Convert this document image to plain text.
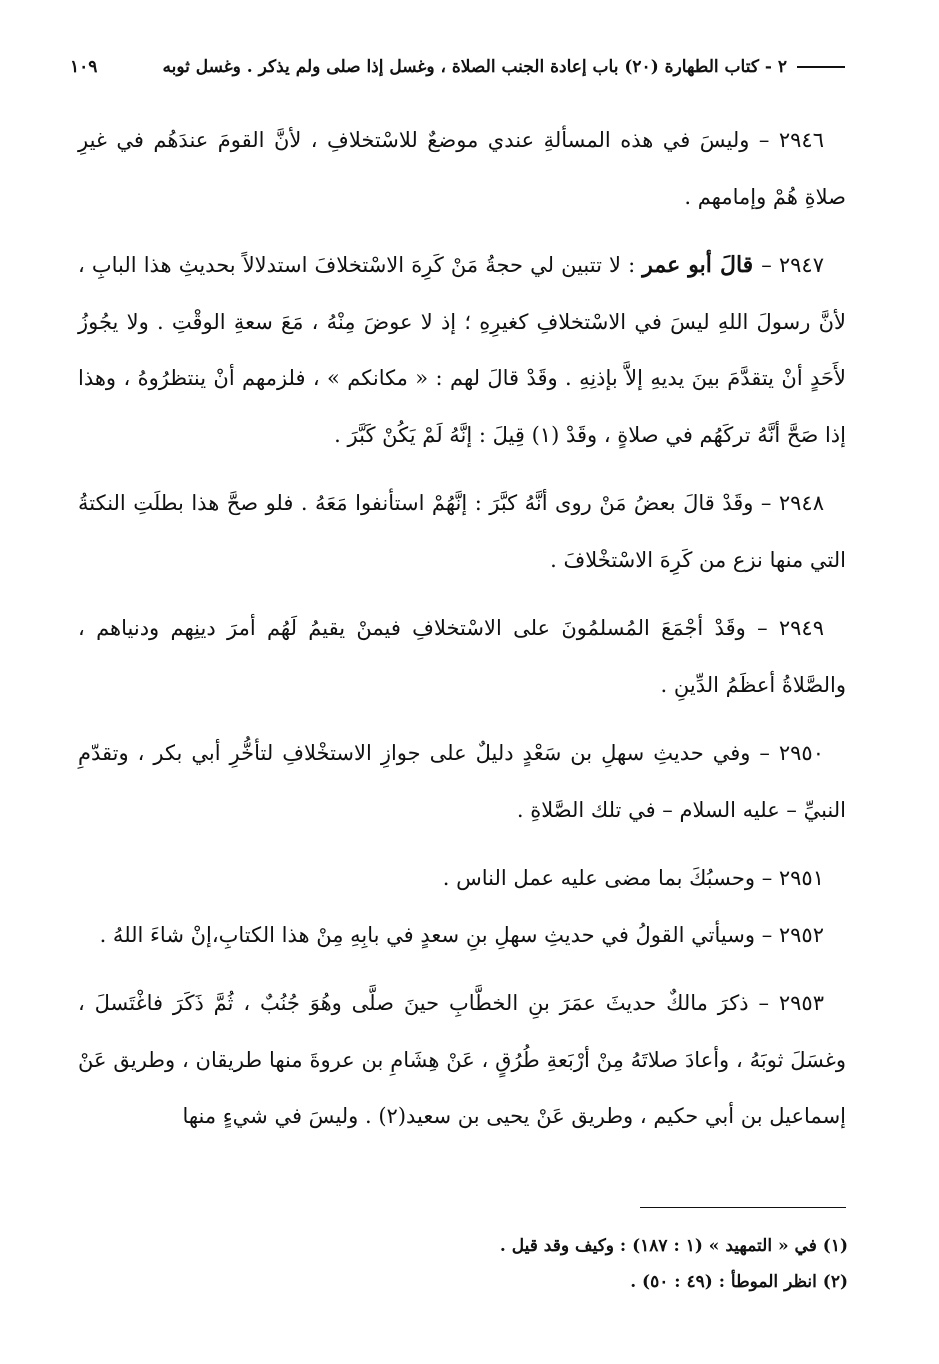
٢ - كتاب الطهارة (٢٠) باب إعادة الجنب الصلاة ، وغسل إذا صلى ولم يذكر . وغسل ثوبه
١٠٩

٢٩٤٦ – وليسَ في هذه المسألةِ عندي موضعٌ للاسْتخلافِ ، لأنَّ القومَ عندَهُم في غيرِ صلاةِ هُمْ وإمامهم .

٢٩٤٧ – قالَ أبو عمر : لا تتبين لي حجةُ مَنْ كَرِهَ الاسْتخلافَ استدلالاً بحديثِ هذا البابِ ، لأنَّ رسولَ اللهِ ليسَ في الاسْتخلافِ كغيرِهِ ؛ إذ لا عوضَ مِنْهُ ، مَعَ سعةِ الوقْتِ . ولا يجُوزُ لأَحَدٍ أنْ يتقدَّمَ بينَ يديهِ إلاَّ بإذنِهِ . وقَدْ قالَ لهم : « مكانكم » ، فلزمهم أنْ ينتظرُوهُ ، وهذا إذا صَحَّ أنَّهُ تركَهُم في صلاةٍ ، وقَدْ (١) قِيلَ : إنَّهُ لَمْ يَكُنْ كَبَّرَ .

٢٩٤٨ – وقَدْ قالَ بعضُ مَنْ روى أنَّهُ كبَّرَ : إنَّهُمْ استأنفوا مَعَهُ . فلو صحَّ هذا بطلَتِ النكتةُ التي منها نزع من كَرِهَ الاسْتخْلافَ .

٢٩٤٩ – وقَدْ أجْمَعَ المُسلمُونَ على الاسْتخلافِ فيمنْ يقيمُ لَهُم أمرَ دينِهم ودنياهم ، والصَّلاةُ أعظَمُ الدِّينِ .

٢٩٥٠ – وفي حديثِ سهلِ بن سَعْدٍ دليلٌ على جوازِ الاستخْلافِ لتأخُّرِ أبي بكر ، وتقدّمِ النبيِّ – عليه السلام – في تلك الصَّلاةِ .

٢٩٥١ – وحسبُكَ بما مضى عليه عمل الناس .

٢٩٥٢ – وسيأتي القولُ في حديثِ سهلِ بنِ سعدٍ في بابِهِ مِنْ هذا الكتابِ،إنْ شاءَ اللهُ .

٢٩٥٣ – ذكرَ مالكٌ حديثَ عمَرَ بنِ الخطَّابِ حينَ صلَّى وهُوَ جُنُبٌ ، ثُمَّ ذَكَرَ فاغْتَسلَ ، وغسَلَ ثوبَهُ ، وأعادَ صلاتَهُ مِنْ أرْبَعةِ طُرُقٍ ، عَنْ هِشَامِ بن عروةَ منها طريقان ، وطريق عَنْ إسماعيل بن أبي حكيم ، وطريق عَنْ يحيى بن سعيد(٢) . وليسَ في شيءٍ منها

(١) في « التمهيد » (١ : ١٨٧) : وكيف وقد قيل .

(٢) انظر الموطأ : (٤٩ : ٥٠) .
